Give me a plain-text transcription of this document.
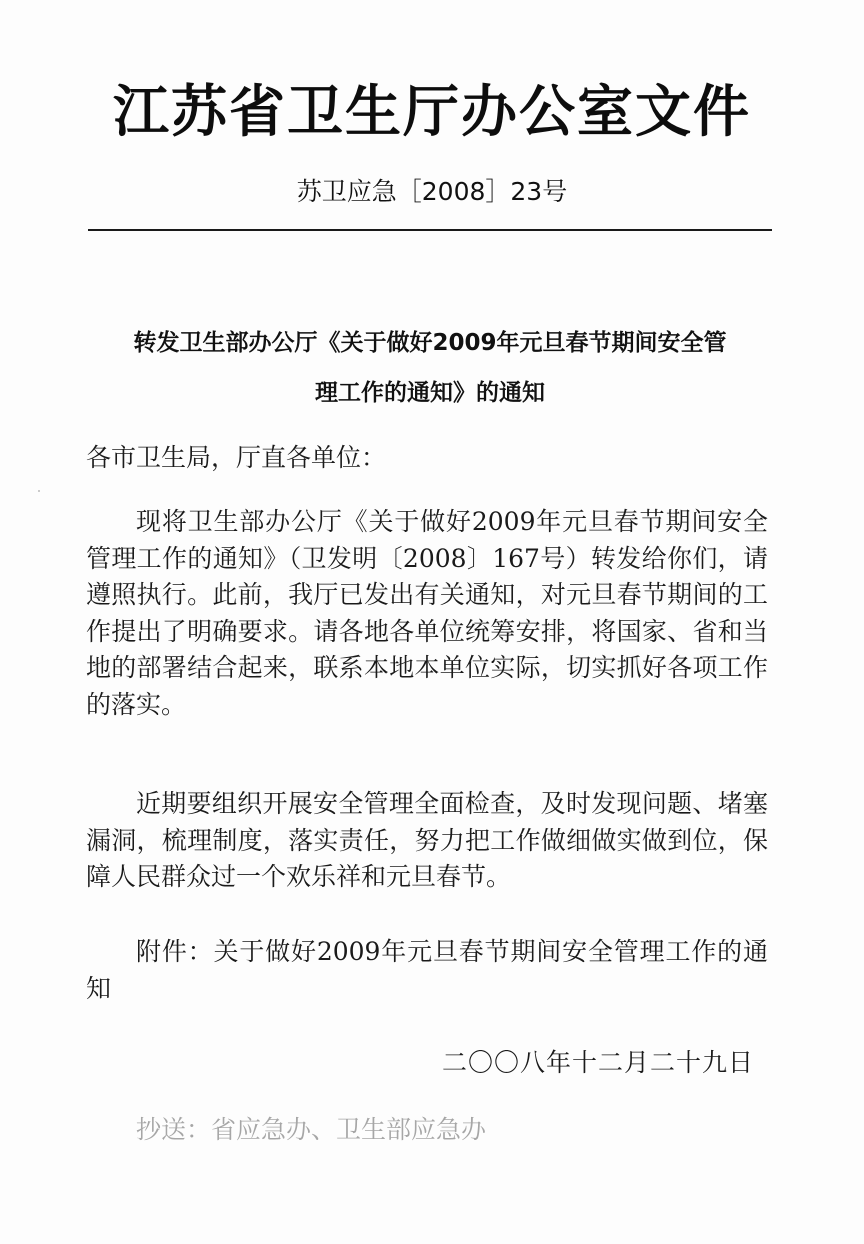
江苏省卫生厅办公室文件
苏卫应急［2008］23号
转发卫生部办公厅《关于做好2009年元旦春节期间安全管
理工作的通知》的通知
各市卫生局，厅直各单位：

现将卫生部办公厅《关于做好2009年元旦春节期间安全管理工作的通知》（卫发明〔2008〕167号）转发给你们，请遵照执行。此前，我厅已发出有关通知，对元旦春节期间的工作提出了明确要求。请各地各单位统筹安排，将国家、省和当地的部署结合起来，联系本地本单位实际，切实抓好各项工作的落实。

近期要组织开展安全管理全面检查，及时发现问题、堵塞漏洞，梳理制度，落实责任，努力把工作做细做实做到位，保障人民群众过一个欢乐祥和元旦春节。

附件：关于做好2009年元旦春节期间安全管理工作的通知

二〇〇八年十二月二十九日
抄送：省应急办、卫生部应急办
